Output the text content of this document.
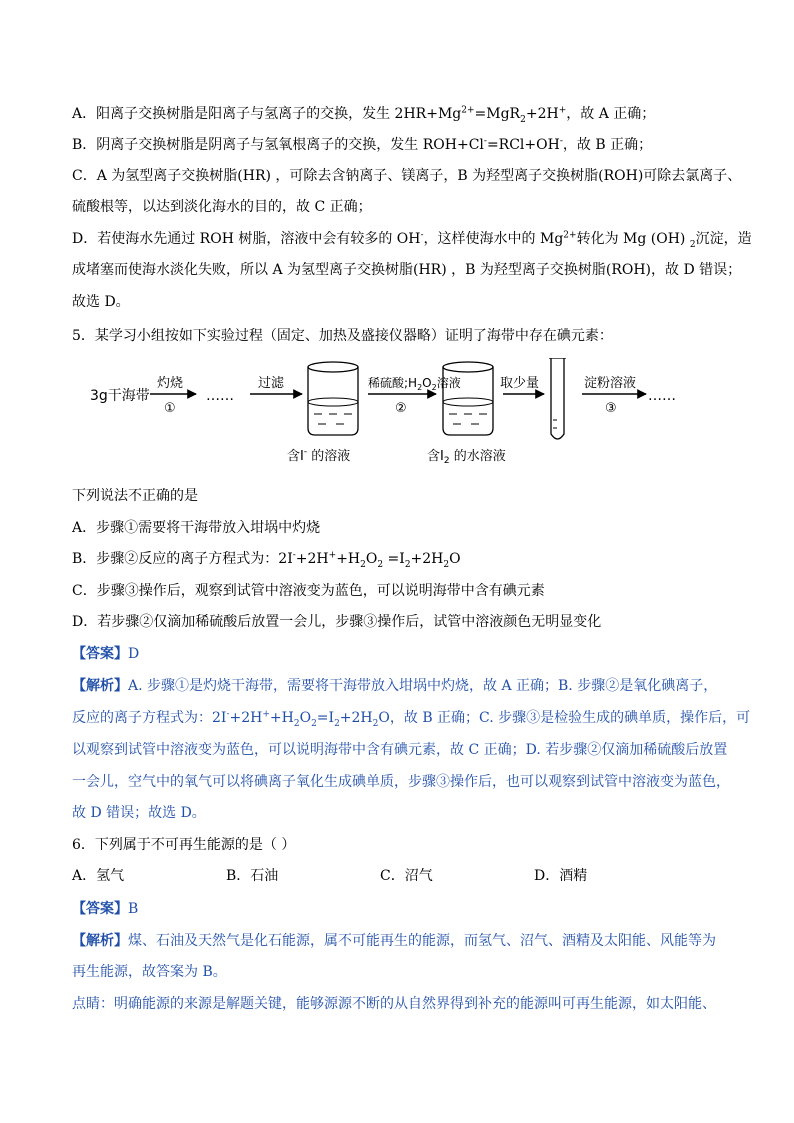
A．阳离子交换树脂是阳离子与氢离子的交换，发生 $2HR+Mg^{2+}=MgR_2+2H^+$，故 A 正确；
B．阴离子交换树脂是阴离子与氢氧根离子的交换，发生 ROH+Cl-=RCl+OH-，故 B 正确；
C．A 为氢型离子交换树脂(HR) ，可除去含钠离子、镁离子，B 为羟型离子交换树脂(ROH)可除去氯离子、
硫酸根等，以达到淡化海水的目的，故 C 正确；
D．若使海水先通过 ROH 树脂，溶液中会有较多的 OH-，这样使海水中的 $Mg^{2+}$转化为 Mg (OH) $_2$沉淀，造
成堵塞而使海水淡化失败，所以 A 为氢型离子交换树脂(HR) ，B 为羟型离子交换树脂(ROH)，故 D 错误；
故选 D。
5．某学习小组按如下实验过程（固定、加热及盛接仪器略）证明了海带中存在碘元素：
3g干海带
灼烧
①
……
过滤
含I- 的溶液
稀硫酸$;H_2O_2$溶液
②
含$I_2$ 的水溶液
取少量	淀粉溶液
③
……
下列说法不正确的是
A．步骤①需要将干海带放入坩埚中灼烧
B．步骤②反应的离子方程式为：$2I^-+2H^++H_2O_2 =I_2+2H_2O$
C．步骤③操作后，观察到试管中溶液变为蓝色，可以说明海带中含有碘元素
D．若步骤②仅滴加稀硫酸后放置一会儿，步骤③操作后，试管中溶液颜色无明显变化
【答案】D
【解析】A. 步骤①是灼烧干海带，需要将干海带放入坩埚中灼烧，故 A 正确；B. 步骤②是氧化碘离子，
反应的离子方程式为：$2I^-+2H^++H_2O_2=I_2+2H_2O$，故 B 正确；C. 步骤③是检验生成的碘单质，操作后，可
以观察到试管中溶液变为蓝色，可以说明海带中含有碘元素，故 C 正确；D. 若步骤②仅滴加稀硫酸后放置
一会儿，空气中的氧气可以将碘离子氧化生成碘单质，步骤③操作后，也可以观察到试管中溶液变为蓝色，
故 D 错误；故选 D。
6．下列属于不可再生能源的是（ ）
A．氢气	B．石油	C．沼气	D．酒精
【答案】B
【解析】煤、石油及天然气是化石能源，属不可能再生的能源，而氢气、沼气、酒精及太阳能、风能等为
再生能源，故答案为 B。
点睛：明确能源的来源是解题关键，能够源源不断的从自然界得到补充的能源叫可再生能源，如太阳能、
